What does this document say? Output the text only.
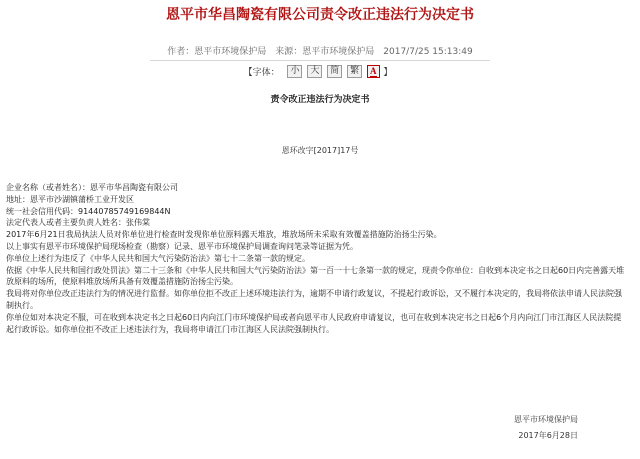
恩平市华昌陶瓷有限公司责令改正违法行为决定书
作者：恩平市环境保护局　来源：恩平市环境保护局　2017/7/25 15:13:49
【字体： 小 大 简 繁 A 】
责令改正违法行为决定书
恩环改字[2017]17号

企业名称（或者姓名）：恩平市华昌陶瓷有限公司

地址：恩平市沙湖镇蒲桥工业开发区

统一社会信用代码：91440785749169844N

法定代表人或者主要负责人姓名：张伟棠

2017年6月21日我局执法人员对你单位进行检查时发现你单位原料露天堆放，堆放场所未采取有效覆盖措施防治扬尘污染。

以上事实有恩平市环境保护局现场检查（勘察）记录、恩平市环境保护局调查询问笔录等证据为凭。

你单位上述行为违反了《中华人民共和国大气污染防治法》第七十二条第一款的规定。

依据《中华人民共和国行政处罚法》第二十三条和《中华人民共和国大气污染防治法》第一百一十七条第一款的规定，现责令你单位：自收到本决定书之日起60日内完善露天堆放原料的场所，使原料堆放场所具备有效覆盖措施防治扬尘污染。

我局将对你单位改正违法行为的情况进行监督。如你单位拒不改正上述环境违法行为，逾期不申请行政复议，不提起行政诉讼，又不履行本决定的，我局将依法申请人民法院强制执行。

你单位如对本决定不服，可在收到本决定书之日起60日内向江门市环境保护局或者向恩平市人民政府申请复议，也可在收到本决定书之日起6个月内向江门市江海区人民法院提起行政诉讼。如你单位拒不改正上述违法行为，我局将申请江门市江海区人民法院强制执行。

恩平市环境保护局
2017年6月28日
